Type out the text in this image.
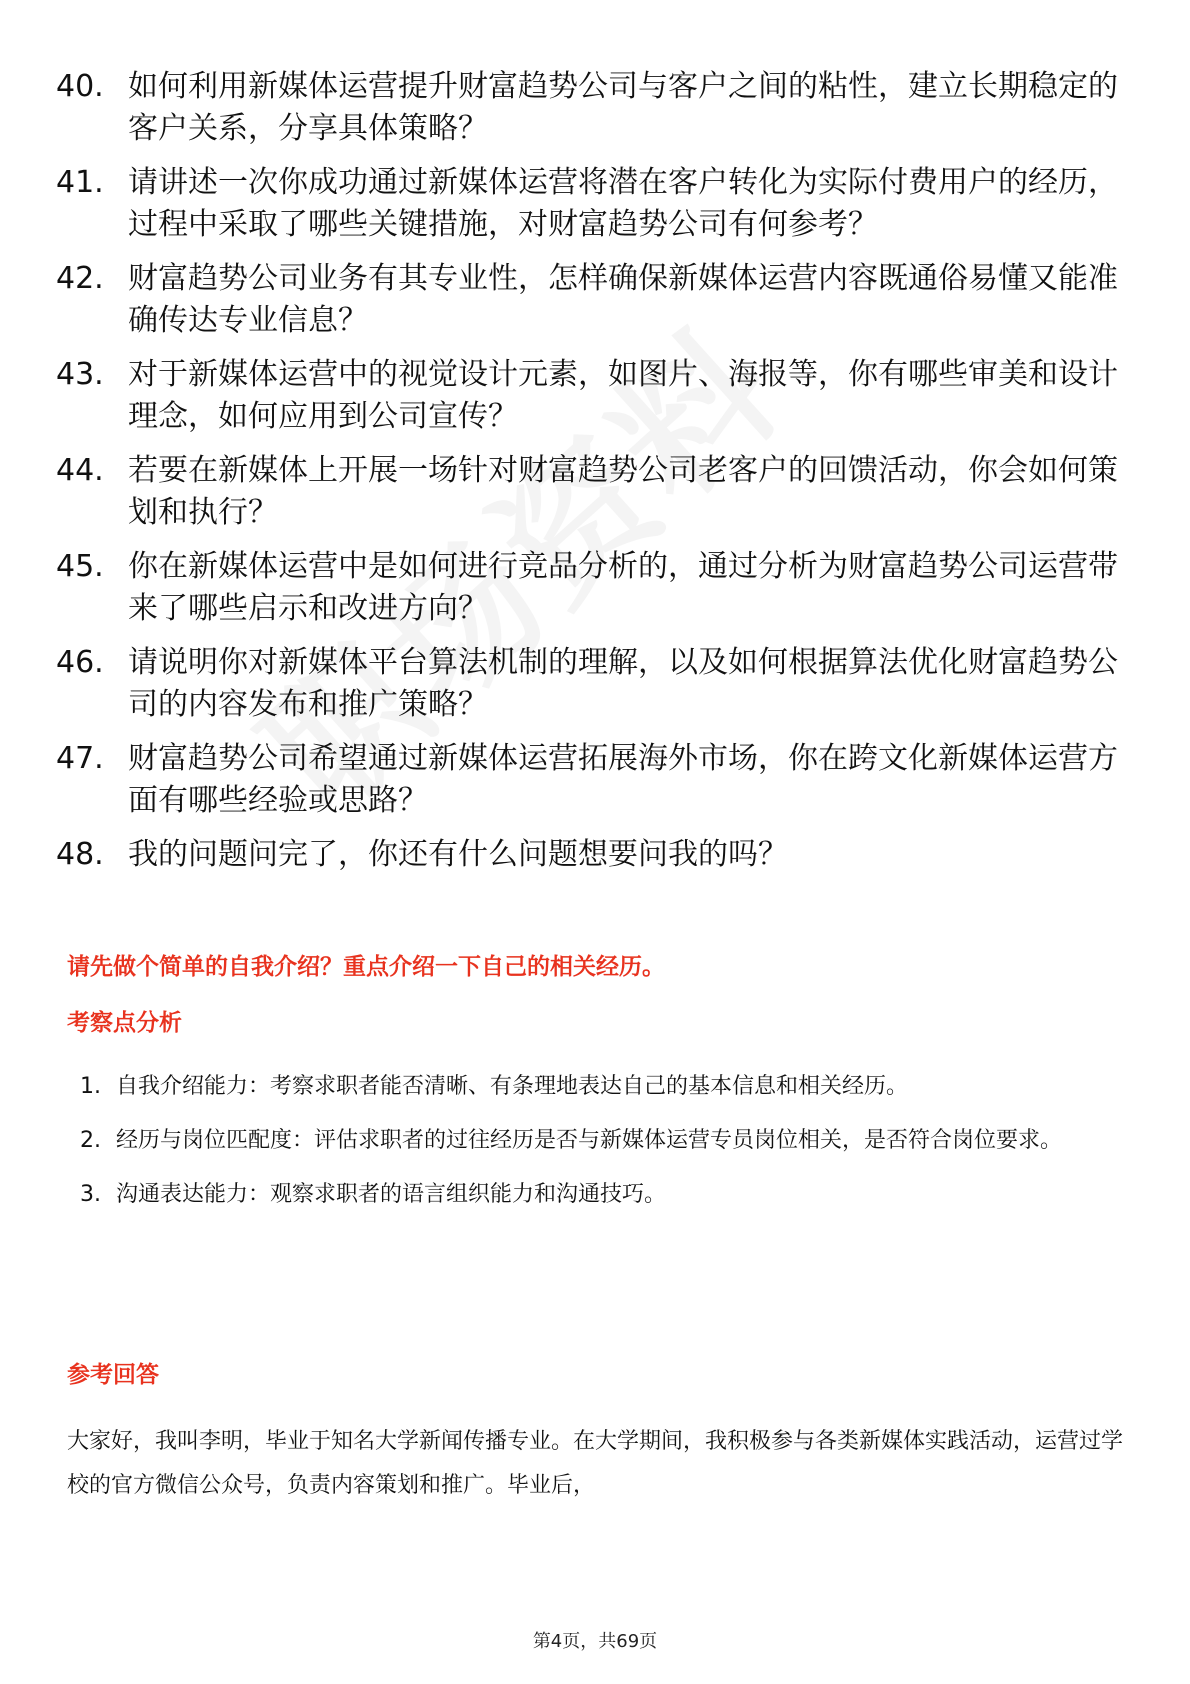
40. 如何利用新媒体运营提升财富趋势公司与客户之间的粘性，建立长期稳定的客户关系，分享具体策略？
41. 请讲述一次你成功通过新媒体运营将潜在客户转化为实际付费用户的经历，过程中采取了哪些关键措施，对财富趋势公司有何参考？
42. 财富趋势公司业务有其专业性，怎样确保新媒体运营内容既通俗易懂又能准确传达专业信息？
43. 对于新媒体运营中的视觉设计元素，如图片、海报等，你有哪些审美和设计理念，如何应用到公司宣传？
44. 若要在新媒体上开展一场针对财富趋势公司老客户的回馈活动，你会如何策划和执行？
45. 你在新媒体运营中是如何进行竞品分析的，通过分析为财富趋势公司运营带来了哪些启示和改进方向？
46. 请说明你对新媒体平台算法机制的理解，以及如何根据算法优化财富趋势公司的内容发布和推广策略？
47. 财富趋势公司希望通过新媒体运营拓展海外市场，你在跨文化新媒体运营方面有哪些经验或思路？
48. 我的问题问完了，你还有什么问题想要问我的吗？
请先做个简单的自我介绍？重点介绍一下自己的相关经历。
考察点分析
1. 自我介绍能力：考察求职者能否清晰、有条理地表达自己的基本信息和相关经历。
2. 经历与岗位匹配度：评估求职者的过往经历是否与新媒体运营专员岗位相关，是否符合岗位要求。
3. 沟通表达能力：观察求职者的语言组织能力和沟通技巧。
参考回答

大家好，我叫李明，毕业于知名大学新闻传播专业。在大学期间，我积极参与各类新媒体实践活动，运营过学校的官方微信公众号，负责内容策划和推广。毕业后，

第4页，共69页
